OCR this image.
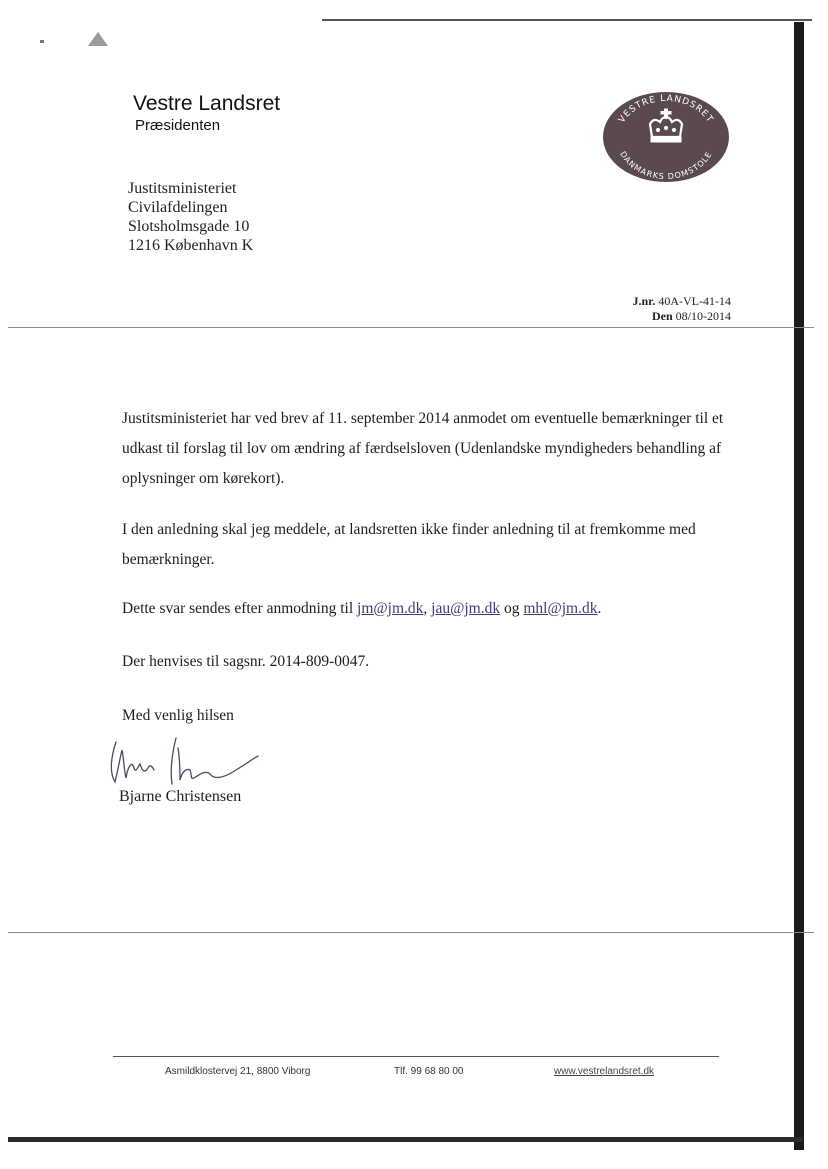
Vestre Landsret
Præsidenten	VESTRE LANDSRET
DANMARKS DOMSTOLE
Justitsministeriet
Civilafdelingen
Slotsholmsgade 10
1216 København K
J.nr. 40A-VL-41-14
Den 08/10-2014
Justitsministeriet har ved brev af 11. september 2014 anmodet om eventuelle bemærkninger til et udkast til forslag til lov om ændring af færdselsloven (Udenlandske myndigheders behandling af oplysninger om kørekort).
I den anledning skal jeg meddele, at landsretten ikke finder anledning til at fremkomme med bemærkninger.
Dette svar sendes efter anmodning til jm@jm.dk, jau@jm.dk og mhl@jm.dk.
Der henvises til sagsnr. 2014-809-0047.
Med venlig hilsen
Bjarne Christensen
Asmildklostervej 21, 8800 Viborg	Tlf. 99 68 80 00	www.vestrelandsret.dk
